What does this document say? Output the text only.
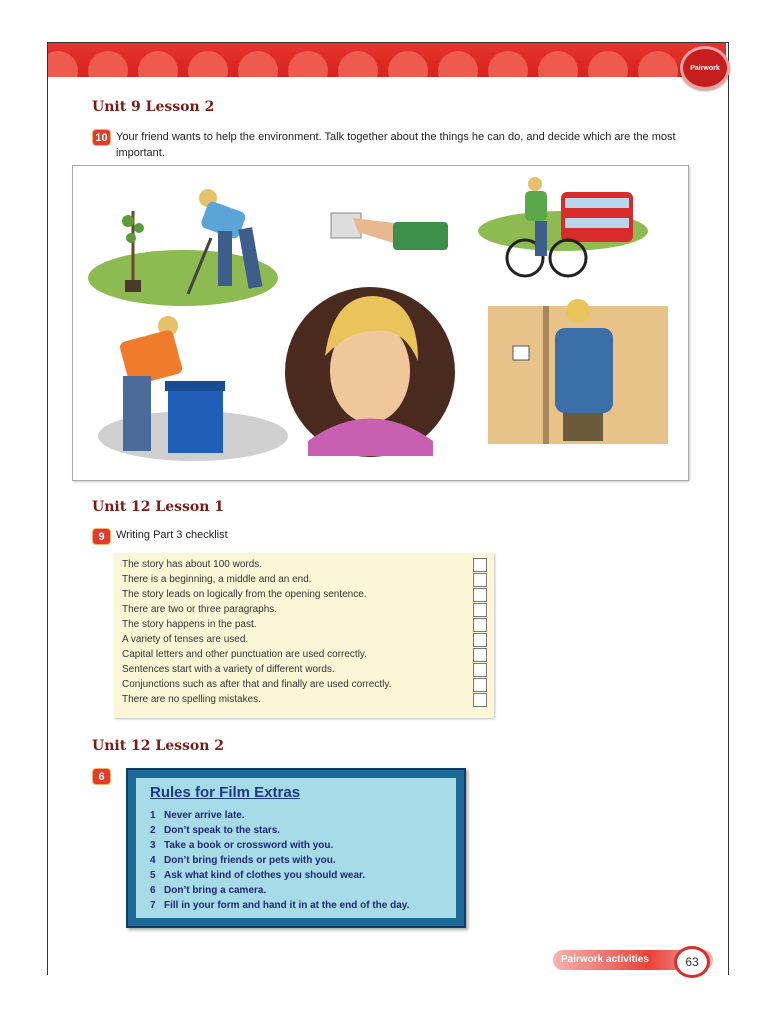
Pairwork
Unit 9 Lesson 2
10 Your friend wants to help the environment. Talk together about the things he can do, and decide which are the most important.
Unit 12 Lesson 1
9	Writing Part 3 checklist
The story has about 100 words.
There is a beginning, a middle and an end.
The story leads on logically from the opening sentence.
There are two or three paragraphs.
The story happens in the past.
A variety of tenses are used.
Capital letters and other punctuation are used correctly.
Sentences start with a variety of different words.
Conjunctions such as after that and finally are used correctly.
There are no spelling mistakes.
Unit 12 Lesson 2
6
Rules for Film Extras
1 Never arrive late.
2 Don’t speak to the stars.
3 Take a book or crossword with you.
4 Don’t bring friends or pets with you.
5 Ask what kind of clothes you should wear.
6 Don’t bring a camera.
7 Fill in your form and hand it in at the end of the day.
Pairwork activities	63
